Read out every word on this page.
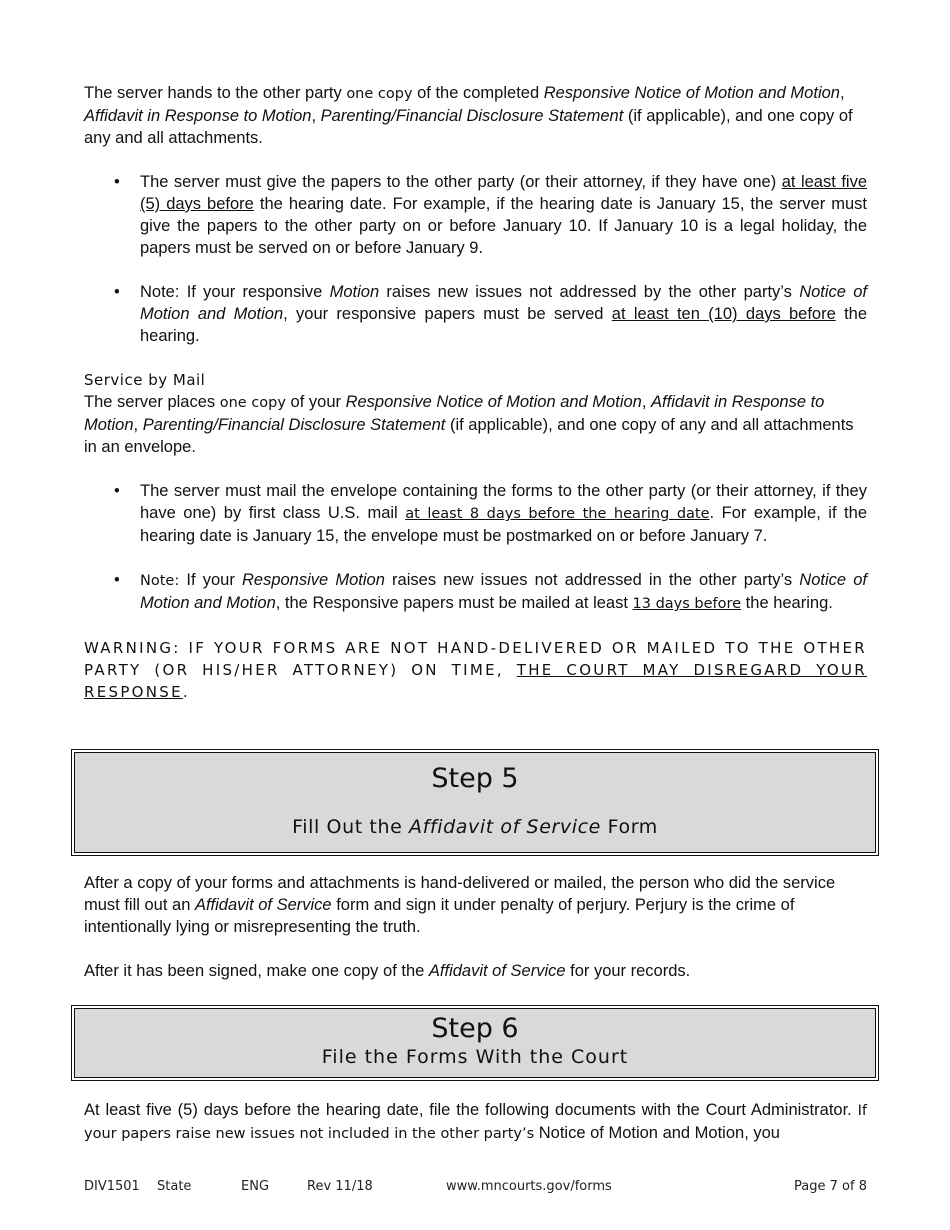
The server hands to the other party one copy of the completed Responsive Notice of Motion and Motion, Affidavit in Response to Motion, Parenting/Financial Disclosure Statement (if applicable), and one copy of any and all attachments.

• The server must give the papers to the other party (or their attorney, if they have one) at least five (5) days before the hearing date. For example, if the hearing date is January 15, the server must give the papers to the other party on or before January 10. If January 10 is a legal holiday, the papers must be served on or before January 9.
• Note: If your responsive Motion raises new issues not addressed by the other party’s Notice of Motion and Motion, your responsive papers must be served at least ten (10) days before the hearing.

Service by Mail

The server places one copy of your Responsive Notice of Motion and Motion, Affidavit in Response to Motion, Parenting/Financial Disclosure Statement (if applicable), and one copy of any and all attachments in an envelope.

• The server must mail the envelope containing the forms to the other party (or their attorney, if they have one) by first class U.S. mail at least 8 days before the hearing date. For example, if the hearing date is January 15, the envelope must be postmarked on or before January 7.
• Note: If your Responsive Motion raises new issues not addressed in the other party’s Notice of Motion and Motion, the Responsive papers must be mailed at least 13 days before the hearing.

WARNING: IF YOUR FORMS ARE NOT HAND-DELIVERED OR MAILED TO THE OTHER PARTY (OR HIS/HER ATTORNEY) ON TIME, THE COURT MAY DISREGARD YOUR RESPONSE.

Step 5
Fill Out the Affidavit of Service Form

After a copy of your forms and attachments is hand-delivered or mailed, the person who did the service must fill out an Affidavit of Service form and sign it under penalty of perjury. Perjury is the crime of intentionally lying or misrepresenting the truth.

After it has been signed, make one copy of the Affidavit of Service for your records.

Step 6
File the Forms With the Court

At least five (5) days before the hearing date, file the following documents with the Court Administrator. If your papers raise new issues not included in the other party’s Notice of Motion and Motion, you

DIV1501 State	ENG	Rev 11/18	www.mncourts.gov/forms	Page 7 of 8
